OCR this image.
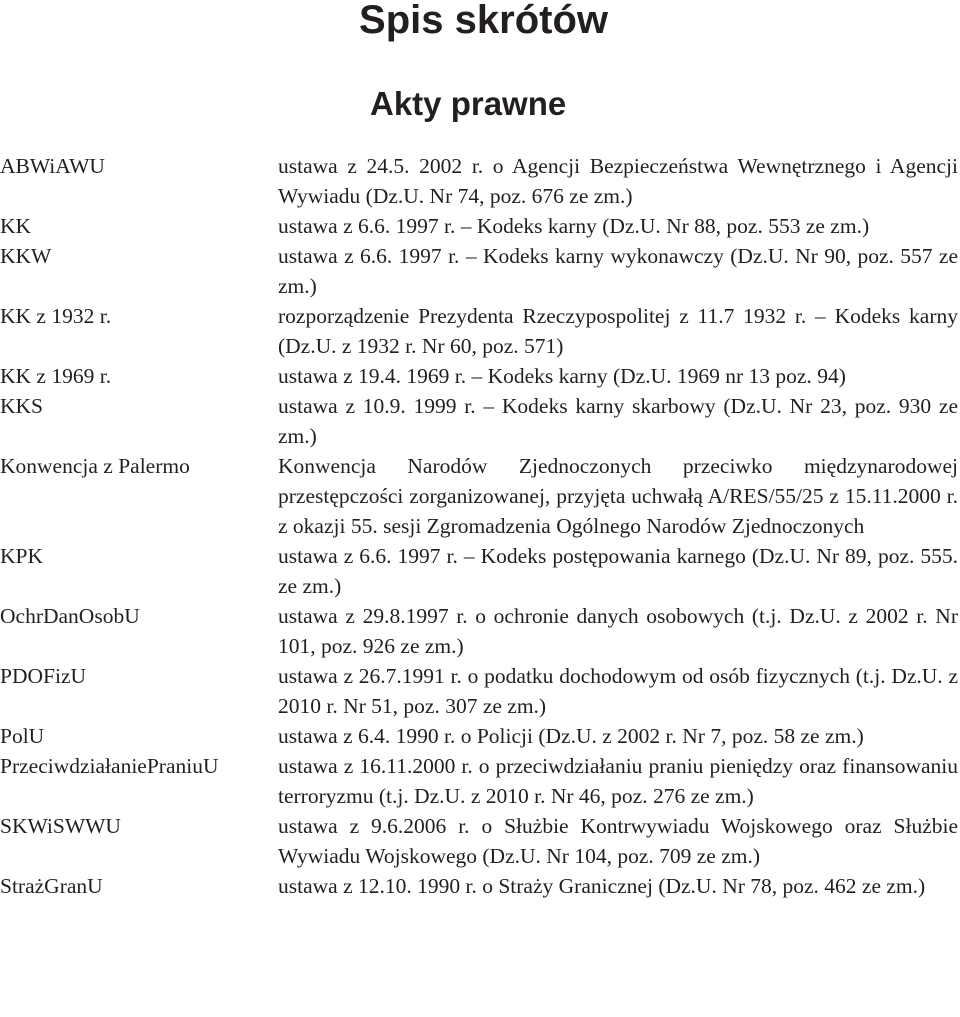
Spis skrótów
Akty prawne
ABWiAWU	ustawa z 24.5. 2002 r. o Agencji Bezpieczeństwa Wewnętrznego i Agencji Wywiadu (Dz.U. Nr 74, poz. 676 ze zm.)
KK	ustawa z 6.6. 1997 r. – Kodeks karny (Dz.U. Nr 88, poz. 553 ze zm.)
KKW	ustawa z 6.6. 1997 r. – Kodeks karny wykonawczy (Dz.U. Nr 90, poz. 557 ze zm.)
KK z 1932 r.	rozporządzenie Prezydenta Rzeczypospolitej z 11.7 1932 r. – Kodeks karny (Dz.U. z 1932 r. Nr 60, poz. 571)
KK z 1969 r.	ustawa z 19.4. 1969 r. – Kodeks karny (Dz.U. 1969 nr 13 poz. 94)
KKS	ustawa z 10.9. 1999 r. – Kodeks karny skarbowy (Dz.U. Nr 23, poz. 930 ze zm.)
Konwencja z Palermo	Konwencja Narodów Zjednoczonych przeciwko międzynarodowej przestępczości zorganizowanej, przyjęta uchwałą A/RES/55/25 z 15.11.2000 r. z okazji 55. sesji Zgromadzenia Ogólnego Narodów Zjednoczonych
KPK	ustawa z 6.6. 1997 r. – Kodeks postępowania karnego (Dz.U. Nr 89, poz. 555. ze zm.)
OchrDanOsobU	ustawa z 29.8.1997 r. o ochronie danych osobowych (t.j. Dz.U. z 2002 r. Nr 101, poz. 926 ze zm.)
PDOFizU	ustawa z 26.7.1991 r. o podatku dochodowym od osób fizycznych (t.j. Dz.U. z 2010 r. Nr 51, poz. 307 ze zm.)
PolU	ustawa z 6.4. 1990 r. o Policji (Dz.U. z 2002 r. Nr 7, poz. 58 ze zm.)
PrzeciwdziałaniePraniuU	ustawa z 16.11.2000 r. o przeciwdziałaniu praniu pieniędzy oraz finansowaniu terroryzmu (t.j. Dz.U. z 2010 r. Nr 46, poz. 276 ze zm.)
SKWiSWWU	ustawa z 9.6.2006 r. o Służbie Kontrwywiadu Wojskowego oraz Służbie Wywiadu Wojskowego (Dz.U. Nr 104, poz. 709 ze zm.)
StrażGranU	ustawa z 12.10. 1990 r. o Straży Granicznej (Dz.U. Nr 78, poz. 462 ze zm.)
